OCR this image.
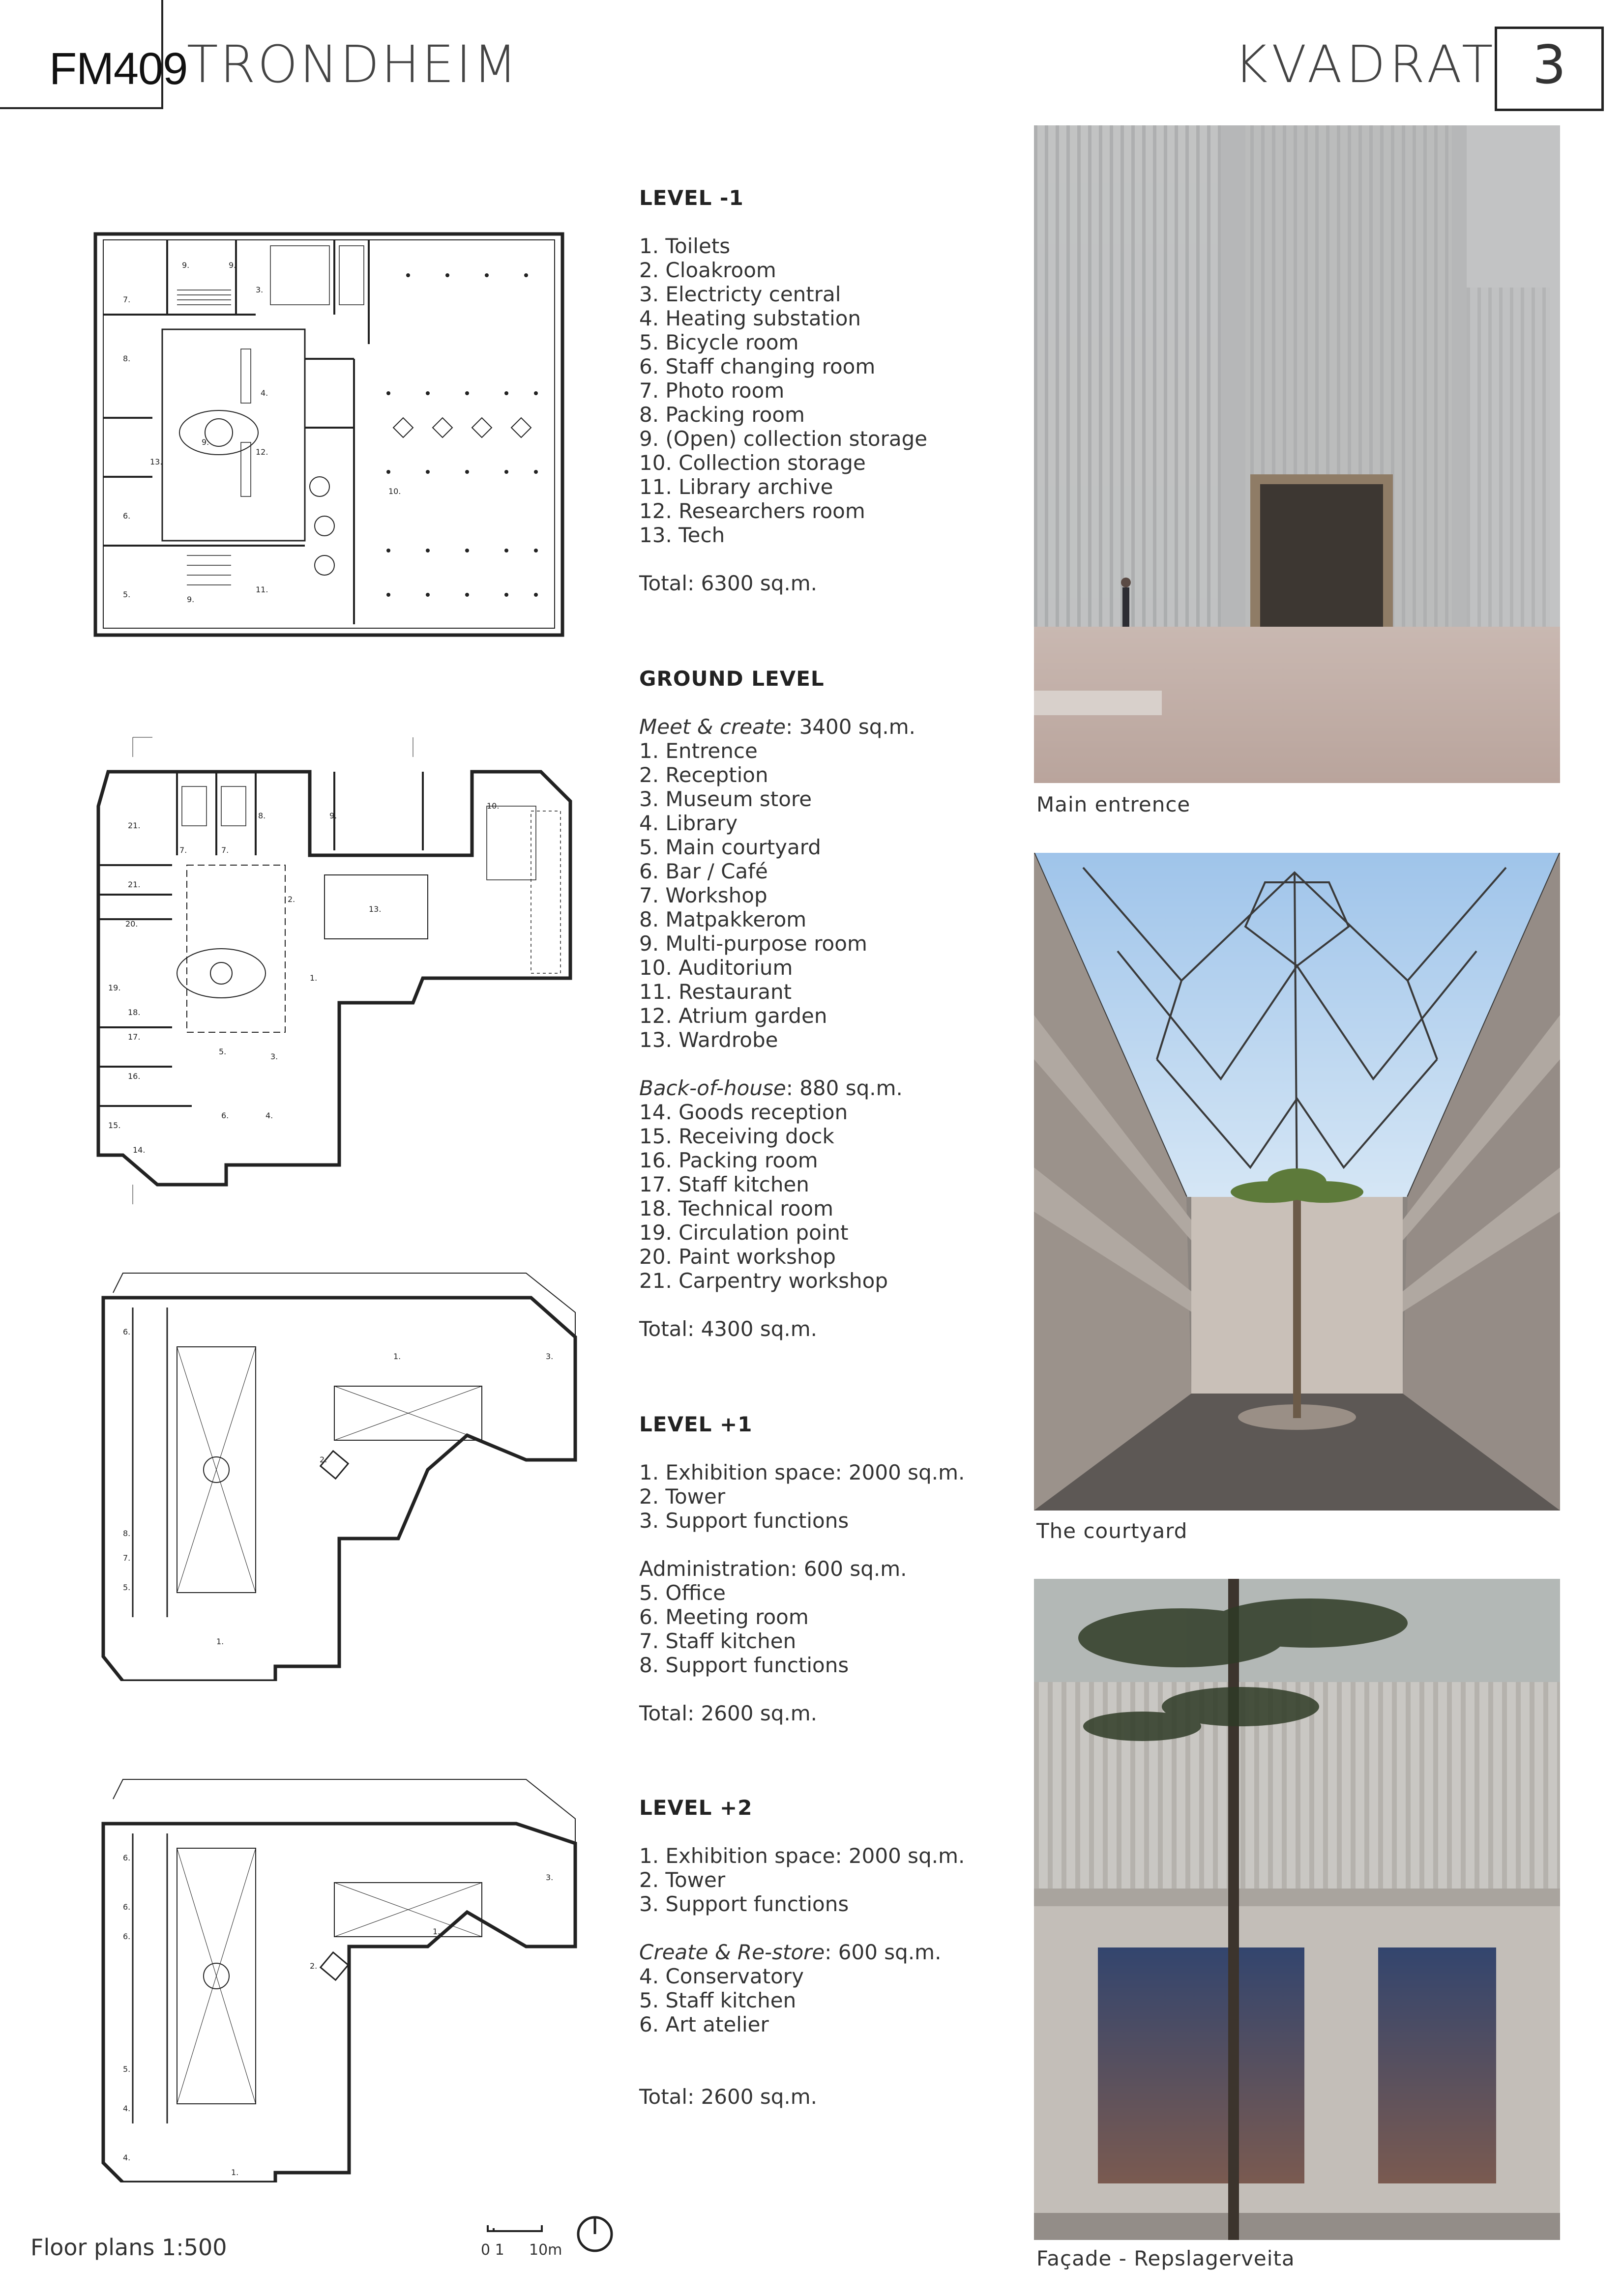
FM409
TRONDHEIM	KVADRAT 3
LEVEL -1

1. Toilets

2. Cloakroom

3. Electricty central

4. Heating substation

5. Bicycle room

6. Staff changing room

7. Photo room

8. Packing room

9. (Open) collection storage

10. Collection storage

11. Library archive

12. Researchers room

13. Tech

Total: 6300 sq.m.

GROUND LEVEL

Meet & create: 3400 sq.m.

1. Entrence

2. Reception

3. Museum store

4. Library

5. Main courtyard

6. Bar / Café

7. Workshop

8. Matpakkerom

9. Multi-purpose room

10. Auditorium

11. Restaurant

12. Atrium garden

13. Wardrobe

Back-of-house: 880 sq.m.

14. Goods reception

15. Receiving dock

16. Packing room

17. Staff kitchen

18. Technical room

19. Circulation point

20. Paint workshop

21. Carpentry workshop

Total: 4300 sq.m.

LEVEL +1

1. Exhibition space: 2000 sq.m.

2. Tower

3. Support functions

Administration: 600 sq.m.

5. Office

6. Meeting room

7. Staff kitchen

8. Support functions

Total: 2600 sq.m.

LEVEL +2

1. Exhibition space: 2000 sq.m.

2. Tower

3. Support functions

Create & Re-store: 600 sq.m.

4. Conservatory

5. Staff kitchen

6. Art atelier

Total: 2600 sq.m.

Main entrence
The courtyard
Façade - Repslagerveita
7.
9.	9.
3.
8.
4.
9.
12.
10.
13.
6.
5.
9.
11.
21.
7.	7.
8.	9.
10.
21.
2.
13.
20.
1.
3.
19.
18.
17.
5.
16.
4.
6.
15.
14.
6.
1.	3.
2.
8.
7.
5.
1.
6.
6.
6.
3.
1.
2.
5.
4.
4.
1.
Floor plans 1:500	0 1 10m
